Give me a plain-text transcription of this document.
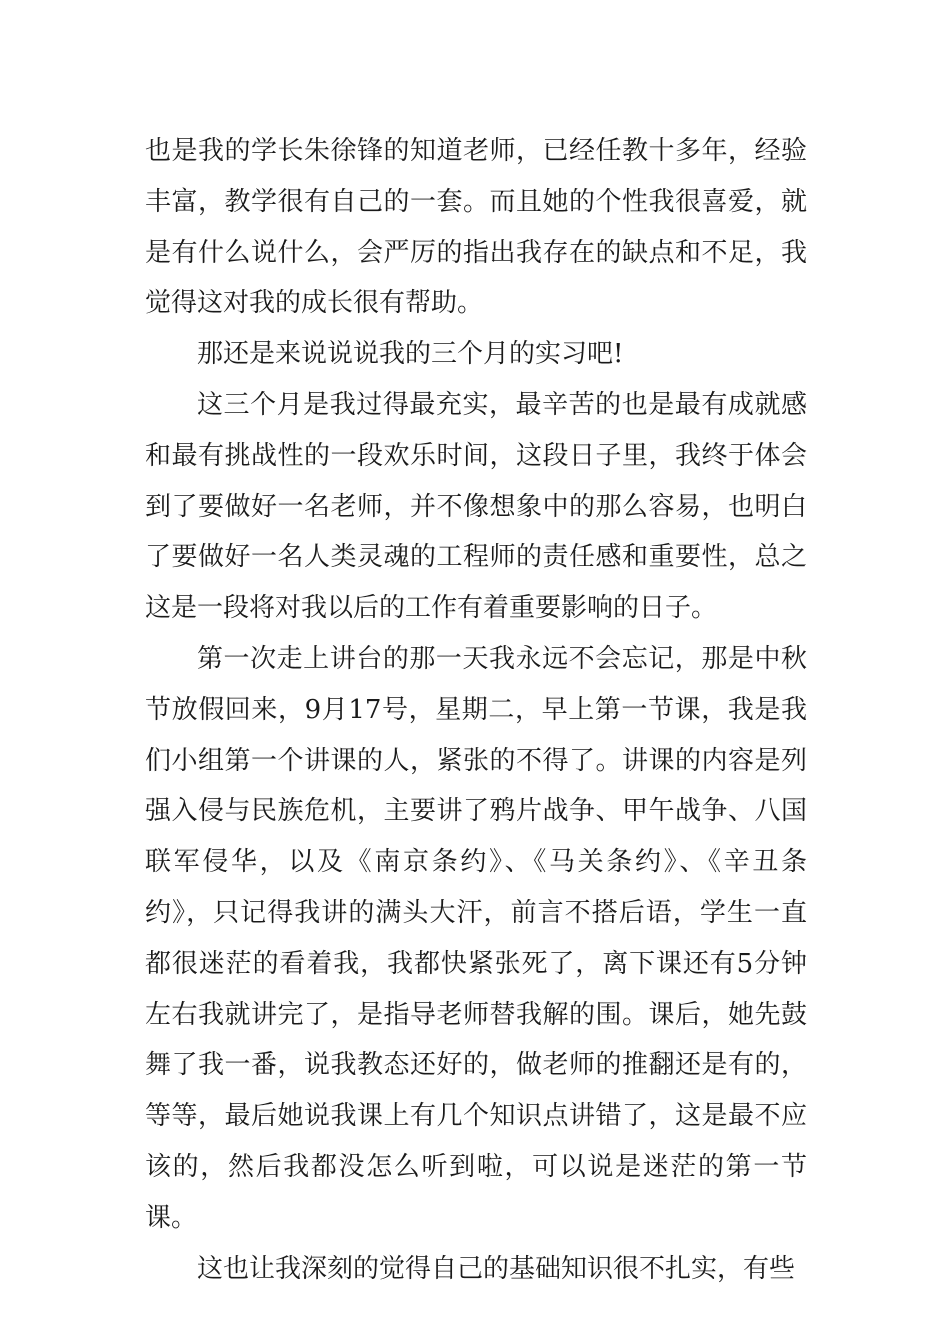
也是我的学长朱徐锋的知道老师，已经任教十多年，经验丰富，教学很有自己的一套。而且她的个性我很喜爱，就是有什么说什么，会严厉的指出我存在的缺点和不足，我觉得这对我的成长很有帮助。

那还是来说说说我的三个月的实习吧!

这三个月是我过得最充实，最辛苦的也是最有成就感和最有挑战性的一段欢乐时间，这段日子里，我终于体会到了要做好一名老师，并不像想象中的那么容易，也明白了要做好一名人类灵魂的工程师的责任感和重要性，总之这是一段将对我以后的工作有着重要影响的日子。

第一次走上讲台的那一天我永远不会忘记，那是中秋节放假回来，9月17号，星期二，早上第一节课，我是我们小组第一个讲课的人，紧张的不得了。讲课的内容是列强入侵与民族危机，主要讲了鸦片战争、甲午战争、八国联军侵华，以及《南京条约》、《马关条约》、《辛丑条约》，只记得我讲的满头大汗，前言不搭后语，学生一直都很迷茫的看着我，我都快紧张死了，离下课还有5分钟左右我就讲完了，是指导老师替我解的围。课后，她先鼓舞了我一番，说我教态还好的，做老师的推翻还是有的，等等，最后她说我课上有几个知识点讲错了，这是最不应该的，然后我都没怎么听到啦，可以说是迷茫的第一节课。

这也让我深刻的觉得自己的基础知识很不扎实，有些
